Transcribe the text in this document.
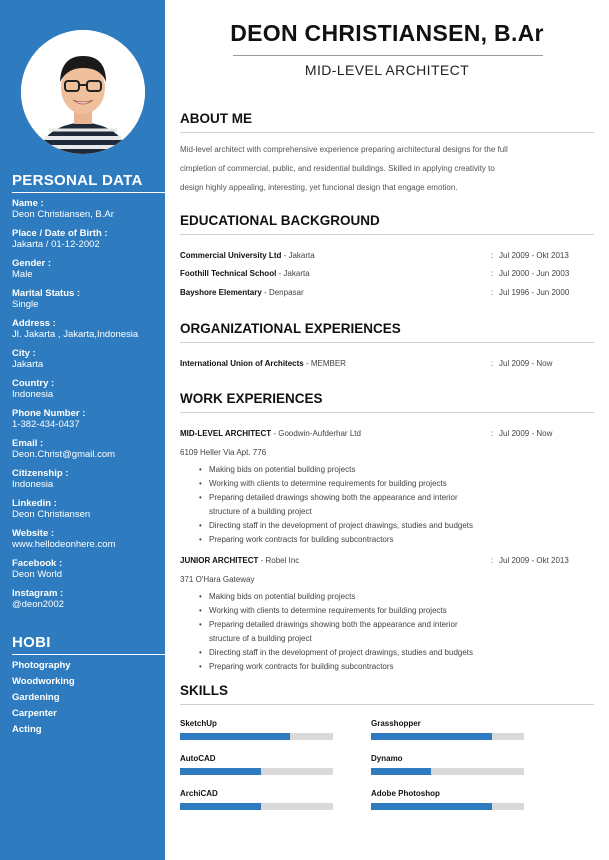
PERSONAL DATA
Name :
Deon Christiansen, B.Ar
Place / Date of Birth :
Jakarta / 01-12-2002
Gender :
Male
Marital Status :
Single
Address :
Jl. Jakarta , Jakarta,Indonesia
City :
Jakarta
Country :
Indonesia
Phone Number :
1-382-434-0437
Email :
Deon.Christ@gmail.com
Citizenship :
Indonesia
Linkedin :
Deon Christiansen
Website :
www.hellodeonhere.com
Facebook :
Deon World
Instagram :
@deon2002
HOBI
Photography
Woodworking
Gardening
Carpenter
Acting
DEON CHRISTIANSEN, B.Ar
MID-LEVEL ARCHITECT
ABOUT ME
Mid-level architect with comprehensive experience preparing architectural designs for the full
cimpletion of commercial, public, and residential buildings. Skilled in applying creativity to
design highly appealing, interesting, yet funcional design that engage emotion.
EDUCATIONAL BACKGROUND
Commercial University Ltd - Jakarta	: Jul 2009 - Okt 2013
Foothill Technical School - Jakarta	: Jul 2000 - Jun 2003
Bayshore Elementary - Denpasar	: Jul 1996 - Jun 2000
ORGANIZATIONAL EXPERIENCES
International Union of Architects - MEMBER	: Jul 2009 - Now
WORK EXPERIENCES
MID-LEVEL ARCHITECT - Goodwin-Aufderhar Ltd	: Jul 2009 - Now
6109 Heller Via Apt. 776
• Making bids on potential building projects
• Working with clients to determine requirements for building projects
• Preparing detailed drawings showing both the appearance and interior
structure of a building project
• Directing staff in the development of project drawings, studies and budgets
• Preparing work contracts for building subcontractors
JUNIOR ARCHITECT - Robel Inc	: Jul 2009 - Okt 2013
371 O'Hara Gateway
• Making bids on potential building projects
• Working with clients to determine requirements for building projects
• Preparing detailed drawings showing both the appearance and interior
structure of a building project
• Directing staff in the development of project drawings, studies and budgets
• Preparing work contracts for building subcontractors
SKILLS
SketchUp	Grasshopper
AutoCAD	Dynamo
ArchiCAD	Adobe Photoshop
